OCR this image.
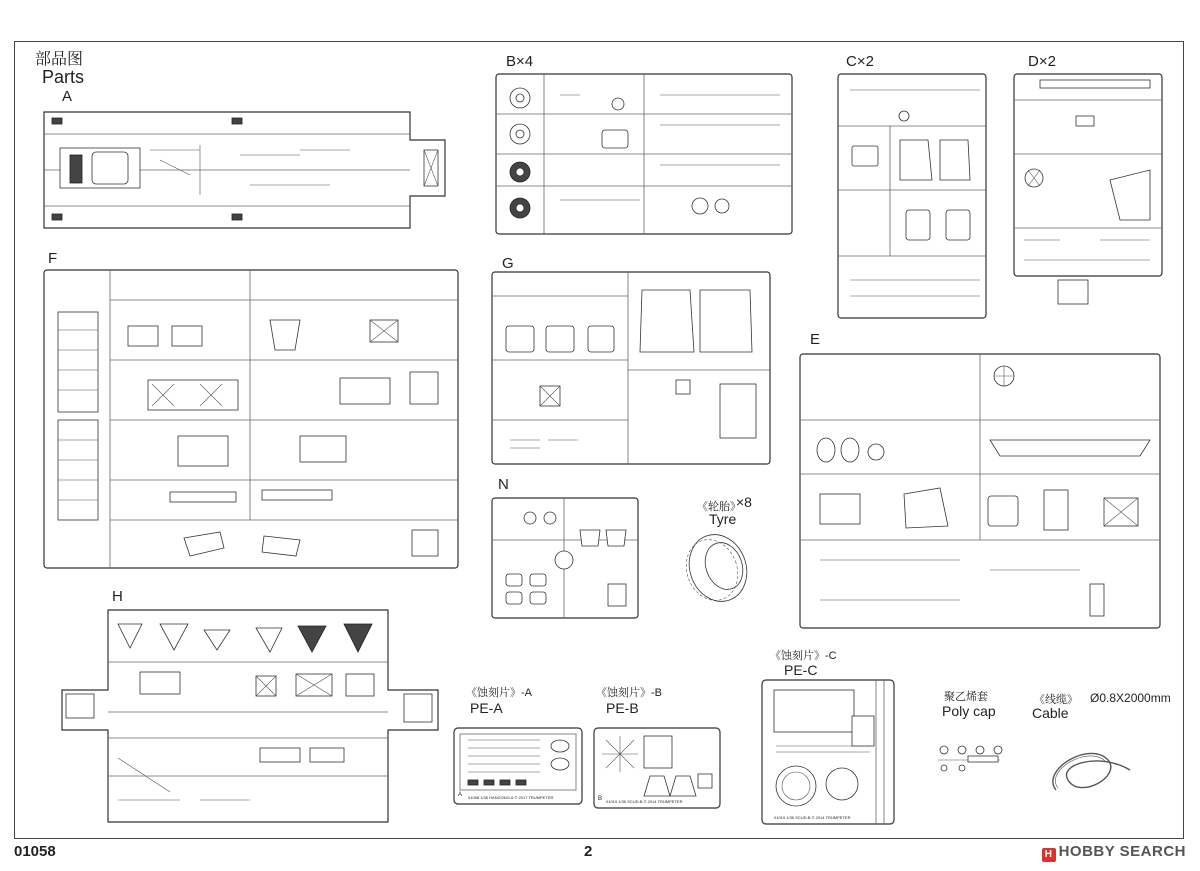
部品图
Parts
A
B×4	C×2	D×2
F	G
E
N
H
《轮胎》
×8
Tyre
《蚀刻片》-A
PE-A
A 01058 1/35 HANGONG-6 © 2017 TRUMPETER
《蚀刻片》-B
PE-B
B 01019 1/35 SCUD-B © 2014 TRUMPETER
《蚀刻片》-C
PE-C
01019 1/35 SCUD-B © 2014 TRUMPETER
聚乙烯套
Poly cap
《线缆》 Ø0.8X2000mm
Cable
01058	2	H HOBBY SEARCH
